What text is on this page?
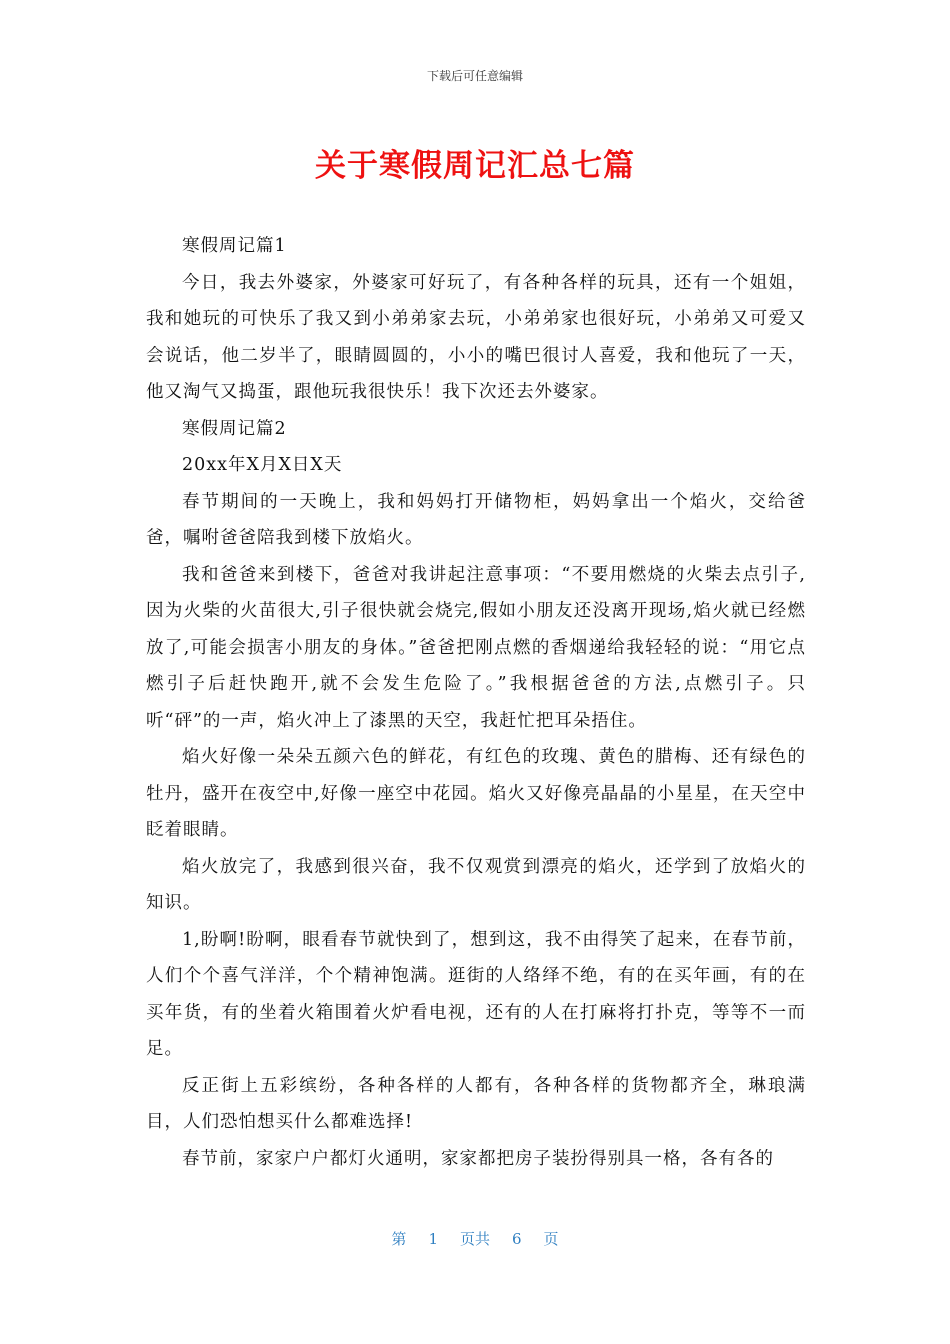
下载后可任意编辑
关于寒假周记汇总七篇

寒假周记篇1

今日，我去外婆家，外婆家可好玩了，有各种各样的玩具，还有一个姐姐，我和她玩的可快乐了我又到小弟弟家去玩，小弟弟家也很好玩，小弟弟又可爱又会说话，他二岁半了，眼睛圆圆的，小小的嘴巴很讨人喜爱，我和他玩了一天，他又淘气又捣蛋，跟他玩我很快乐！我下次还去外婆家。

寒假周记篇2

20xx年X月X日X天

春节期间的一天晚上，我和妈妈打开储物柜，妈妈拿出一个焰火，交给爸爸，嘱咐爸爸陪我到楼下放焰火。

我和爸爸来到楼下，爸爸对我讲起注意事项：“不要用燃烧的火柴去点引子,因为火柴的火苗很大,引子很快就会烧完,假如小朋友还没离开现场,焰火就已经燃放了,可能会损害小朋友的身体。”爸爸把刚点燃的香烟递给我轻轻的说：“用它点燃引子后赶快跑开,就不会发生危险了。”我根据爸爸的方法,点燃引子。只听“砰”的一声，焰火冲上了漆黑的天空，我赶忙把耳朵捂住。

焰火好像一朵朵五颜六色的鲜花，有红色的玫瑰、黄色的腊梅、还有绿色的牡丹，盛开在夜空中,好像一座空中花园。焰火又好像亮晶晶的小星星，在天空中眨着眼睛。

焰火放完了，我感到很兴奋，我不仅观赏到漂亮的焰火，还学到了放焰火的知识。

1,盼啊!盼啊，眼看春节就快到了，想到这，我不由得笑了起来，在春节前，人们个个喜气洋洋，个个精神饱满。逛街的人络绎不绝，有的在买年画，有的在买年货，有的坐着火箱围着火炉看电视，还有的人在打麻将打扑克，等等不一而足。

反正街上五彩缤纷，各种各样的人都有，各种各样的货物都齐全，琳琅满目，人们恐怕想买什么都难选择!

春节前，家家户户都灯火通明，家家都把房子装扮得别具一格，各有各的

第 1 页共 6 页
